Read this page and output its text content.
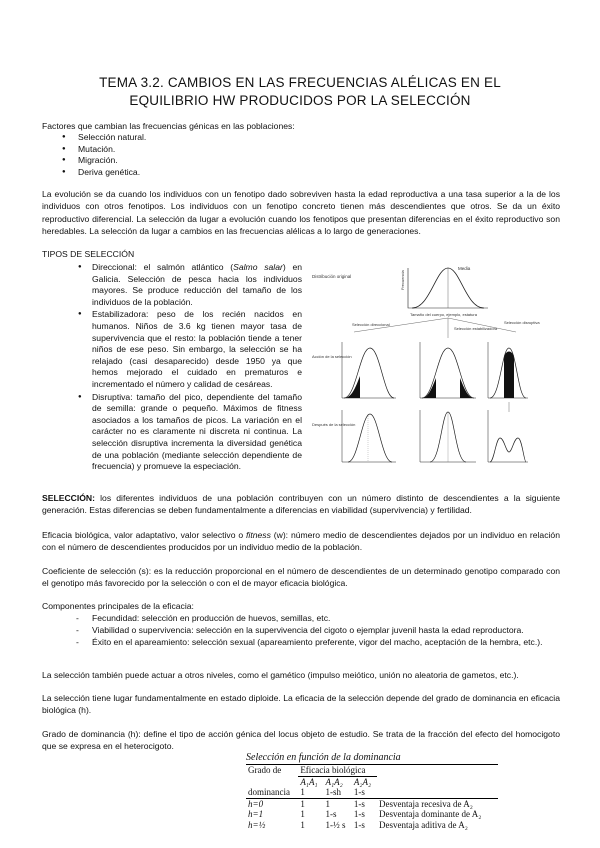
TEMA 3.2. CAMBIOS EN LAS FRECUENCIAS ALÉLICAS EN EL
EQUILIBRIO HW PRODUCIDOS POR LA SELECCIÓN
Factores que cambian las frecuencias génicas en las poblaciones:
● Selección natural.
● Mutación.
● Migración.
● Deriva genética.
La evolución se da cuando los individuos con un fenotipo dado sobreviven hasta la edad reproductiva a una tasa superior a la de los individuos con otros fenotipos. Los individuos con un fenotipo concreto tienen más descendientes que otros. Se da un éxito reproductivo diferencial. La selección da lugar a evolución cuando los fenotipos que presentan diferencias en el éxito reproductivo son heredables. La selección da lugar a cambios en las frecuencias alélicas a lo largo de generaciones.
TIPOS DE SELECCIÓN
● Direccional: el salmón atlántico (Salmo salar) en Galicia. Selección de pesca hacia los individuos mayores. Se produce reducción del tamaño de los individuos de la población.
● Estabilizadora: peso de los recién nacidos en humanos. Niños de 3.6 kg tienen mayor tasa de supervivencia que el resto: la población tiende a tener niños de ese peso. Sin embargo, la selección se ha relajado (casi desaparecido) desde 1950 ya que hemos mejorado el cuidado en prematuros e incrementado el número y calidad de cesáreas.
● Disruptiva: tamaño del pico, dependiente del tamaño de semilla: grande o pequeño. Máximos de fitness asociados a los tamaños de picos. La variación en el carácter no es claramente ni discreta ni continua. La selección disruptiva incrementa la diversidad genética de una población (mediante selección dependiente de frecuencia) y promueve la especiación.
Distribución original	Frecuencia
Media
Tamaño del cuerpo, ejemplo, estatura
Selección direccional
Selección estabilizadora
Selección disruptiva
Acción de la selección
Después de la selección
SELECCIÓN: los diferentes individuos de una población contribuyen con un número distinto de descendientes a la siguiente generación. Estas diferencias se deben fundamentalmente a diferencias en viabilidad (supervivencia) y fertilidad.
Eficacia biológica, valor adaptativo, valor selectivo o fitness (w): número medio de descendientes dejados por un individuo en relación con el número de descendientes producidos por un individuo medio de la población.
Coeficiente de selección (s): es la reducción proporcional en el número de descendientes de un determinado genotipo comparado con el genotipo más favorecido por la selección o con el de mayor eficacia biológica.
Componentes principales de la eficacia:
- Fecundidad: selección en producción de huevos, semillas, etc.
- Viabilidad o supervivencia: selección en la supervivencia del cigoto o ejemplar juvenil hasta la edad reproductora.
- Éxito en el apareamiento: selección sexual (apareamiento preferente, vigor del macho, aceptación de la hembra, etc.).
La selección también puede actuar a otros niveles, como el gamético (impulso meiótico, unión no aleatoria de gametos, etc.).
La selección tiene lugar fundamentalmente en estado diploide. La eficacia de la selección depende del grado de dominancia en eficacia biológica (h).
Grado de dominancia (h): define el tipo de acción génica del locus objeto de estudio. Se trata de la fracción del efecto del homocigoto que se expresa en el heterocigoto.
Selección en función de la dominancia
Grado de	Eficacia biológica			
	A₁A₁	A₁A₂	A₂A₂	
dominancia	1	1-sh	1-s	
h=0	1	1	1-s	Desventaja recesiva de A₂
h=1	1	1-s	1-s	Desventaja dominante de A₂
h=½	1	1-½ s	1-s	Desventaja aditiva de A₂
